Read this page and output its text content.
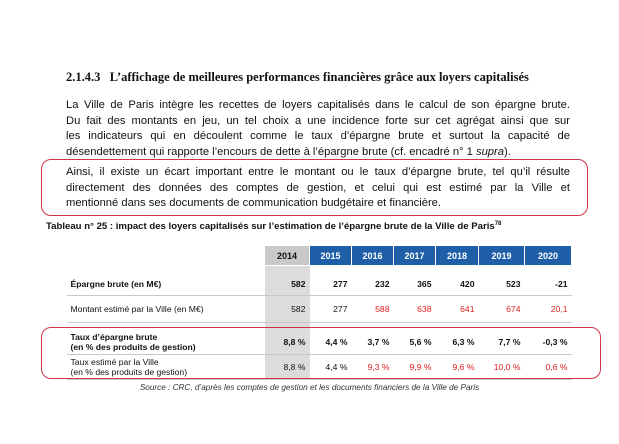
2.1.4.3 L’affichage de meilleures performances financières grâce aux loyers capitalisés
La Ville de Paris intègre les recettes de loyers capitalisés dans le calcul de son épargne brute.
Du fait des montants en jeu, un tel choix a une incidence forte sur cet agrégat ainsi que sur
les indicateurs qui en découlent comme le taux d’épargne brute et surtout la capacité de
désendettement qui rapporte l’encours de dette à l’épargne brute (cf. encadré n° 1 supra).
Ainsi, il existe un écart important entre le montant ou le taux d’épargne brute, tel qu’il résulte
directement des données des comptes de gestion, et celui qui est estimé par la Ville et
mentionné dans ses documents de communication budgétaire et financière.
Tableau n° 25 : impact des loyers capitalisés sur l’estimation de l’épargne brute de la Ville de Paris$^{78}$
	2014	2015	2016	2017	2018	2019	2020

Épargne brute (en M€)	582	277	232	365	420	523	-21
Montant estimé par la Ville (en M€)	582	277	588	638	641	674	20,1

Taux d’épargne brute
(en % des produits de gestion)	8,8 %	4,4 %	3,7 %	5,6 %	6,3 %	7,7 %	-0,3 %
Taux estimé par la Ville
(en % des produits de gestion)	8,8 %	4,4 %	9,3 %	9,9 %	9,6 %	10,0 %	0,6 %
Source : CRC, d’après les comptes de gestion et les documents financiers de la Ville de Paris
